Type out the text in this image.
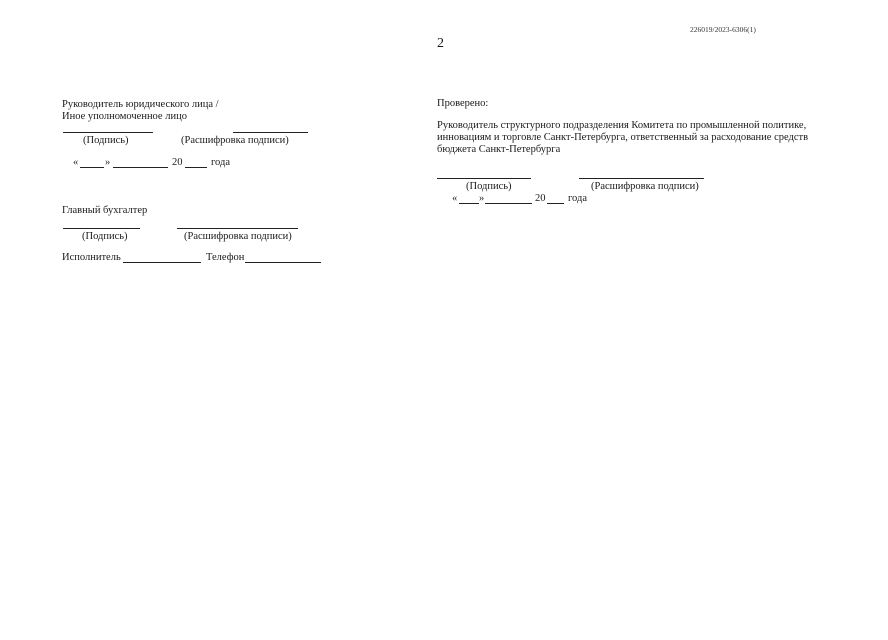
226019/2023-6306(1)
2
Руководитель юридического лица /
Иное уполномоченное лицо
(Подпись)	(Расшифровка подписи)
«	»	20	года
Главный бухгалтер
(Подпись)	(Расшифровка подписи)
Исполнитель	Телефон
Проверено:
Руководитель структурного подразделения Комитета по промышленной политике, инновациям и торговле Санкт-Петербурга, ответственный за расходование средств бюджета Санкт-Петербурга
(Подпись)	(Расшифровка подписи)
« »	20 года
